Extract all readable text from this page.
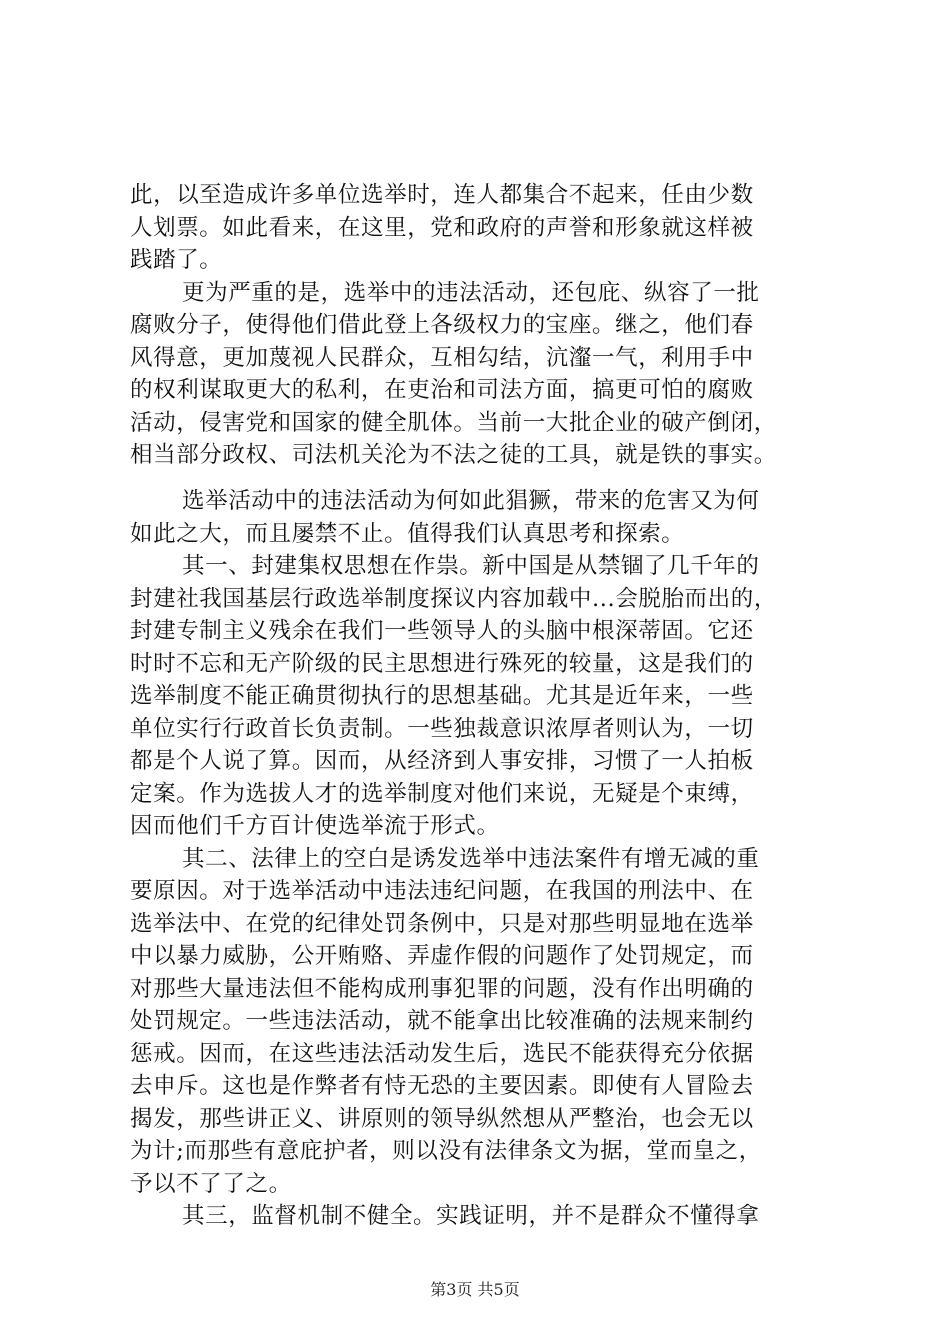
此，以至造成许多单位选举时，连人都集合不起来，任由少数
人划票。如此看来，在这里，党和政府的声誉和形象就这样被
践踏了。
更为严重的是，选举中的违法活动，还包庇、纵容了一批
腐败分子，使得他们借此登上各级权力的宝座。继之，他们春
风得意，更加蔑视人民群众，互相勾结，沆瀣一气，利用手中
的权利谋取更大的私利，在吏治和司法方面，搞更可怕的腐败
活动，侵害党和国家的健全肌体。当前一大批企业的破产倒闭，
相当部分政权、司法机关沦为不法之徒的工具，就是铁的事实。
选举活动中的违法活动为何如此猖獗，带来的危害又为何
如此之大，而且屡禁不止。值得我们认真思考和探索。
其一、封建集权思想在作祟。新中国是从禁锢了几千年的
封建社我国基层行政选举制度探议内容加载中...会脱胎而出的，
封建专制主义残余在我们一些领导人的头脑中根深蒂固。它还
时时不忘和无产阶级的民主思想进行殊死的较量，这是我们的
选举制度不能正确贯彻执行的思想基础。尤其是近年来，一些
单位实行行政首长负责制。一些独裁意识浓厚者则认为，一切
都是个人说了算。因而，从经济到人事安排，习惯了一人拍板
定案。作为选拔人才的选举制度对他们来说，无疑是个束缚，
因而他们千方百计使选举流于形式。
其二、法律上的空白是诱发选举中违法案件有增无减的重
要原因。对于选举活动中违法违纪问题，在我国的刑法中、在
选举法中、在党的纪律处罚条例中，只是对那些明显地在选举
中以暴力威胁，公开贿赂、弄虚作假的问题作了处罚规定，而
对那些大量违法但不能构成刑事犯罪的问题，没有作出明确的
处罚规定。一些违法活动，就不能拿出比较准确的法规来制约
惩戒。因而，在这些违法活动发生后，选民不能获得充分依据
去申斥。这也是作弊者有恃无恐的主要因素。即使有人冒险去
揭发，那些讲正义、讲原则的领导纵然想从严整治，也会无以
为计;而那些有意庇护者，则以没有法律条文为据，堂而皇之，
予以不了了之。
其三，监督机制不健全。实践证明，并不是群众不懂得拿
第3页 共5页
